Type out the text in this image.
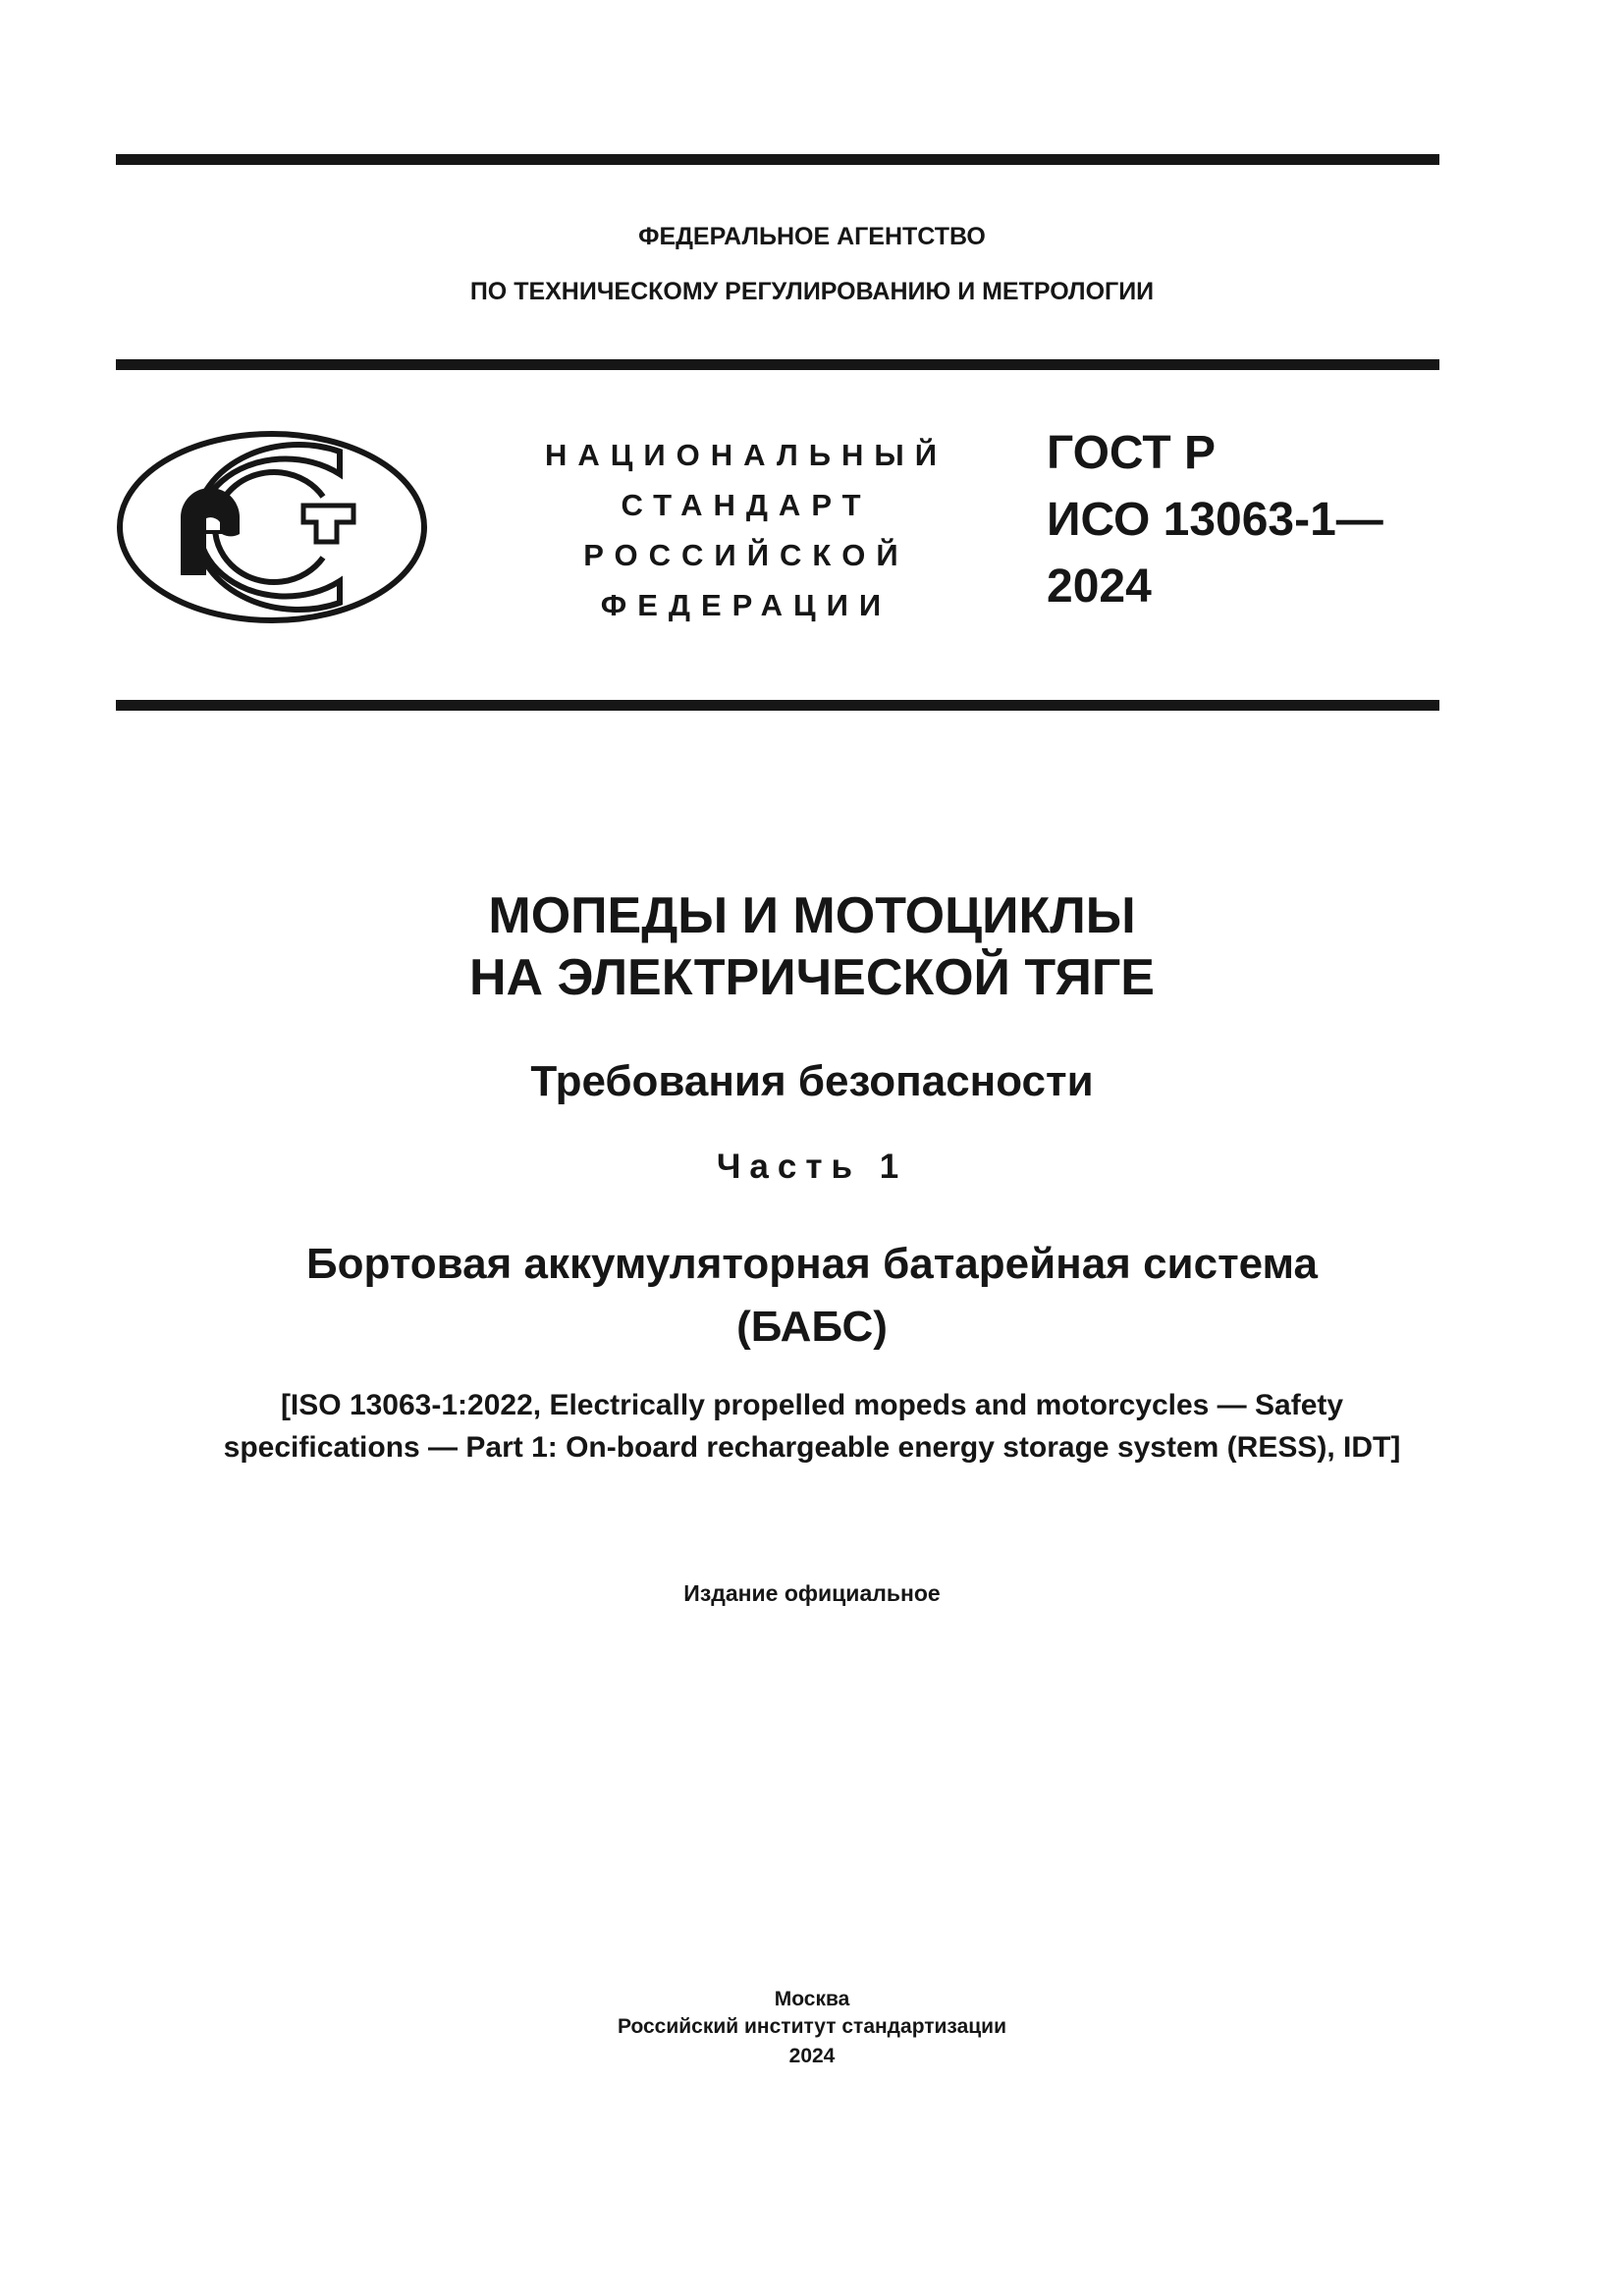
ФЕДЕРАЛЬНОЕ АГЕНТСТВО
ПО ТЕХНИЧЕСКОМУ РЕГУЛИРОВАНИЮ И МЕТРОЛОГИИ
НАЦИОНАЛЬНЫЙ
СТАНДАРТ
РОССИЙСКОЙ
ФЕДЕРАЦИИ
ГОСТ Р
ИСО 13063-1—
2024
МОПЕДЫ И МОТОЦИКЛЫ
НА ЭЛЕКТРИЧЕСКОЙ ТЯГЕ
Требования безопасности
Часть 1
Бортовая аккумуляторная батарейная система
(БАБС)
[ISO 13063-1:2022, Electrically propelled mopeds and motorcycles — Safety
specifications — Part 1: On-board rechargeable energy storage system (RESS), IDT]
Издание официальное
Москва
Российский институт стандартизации
2024
